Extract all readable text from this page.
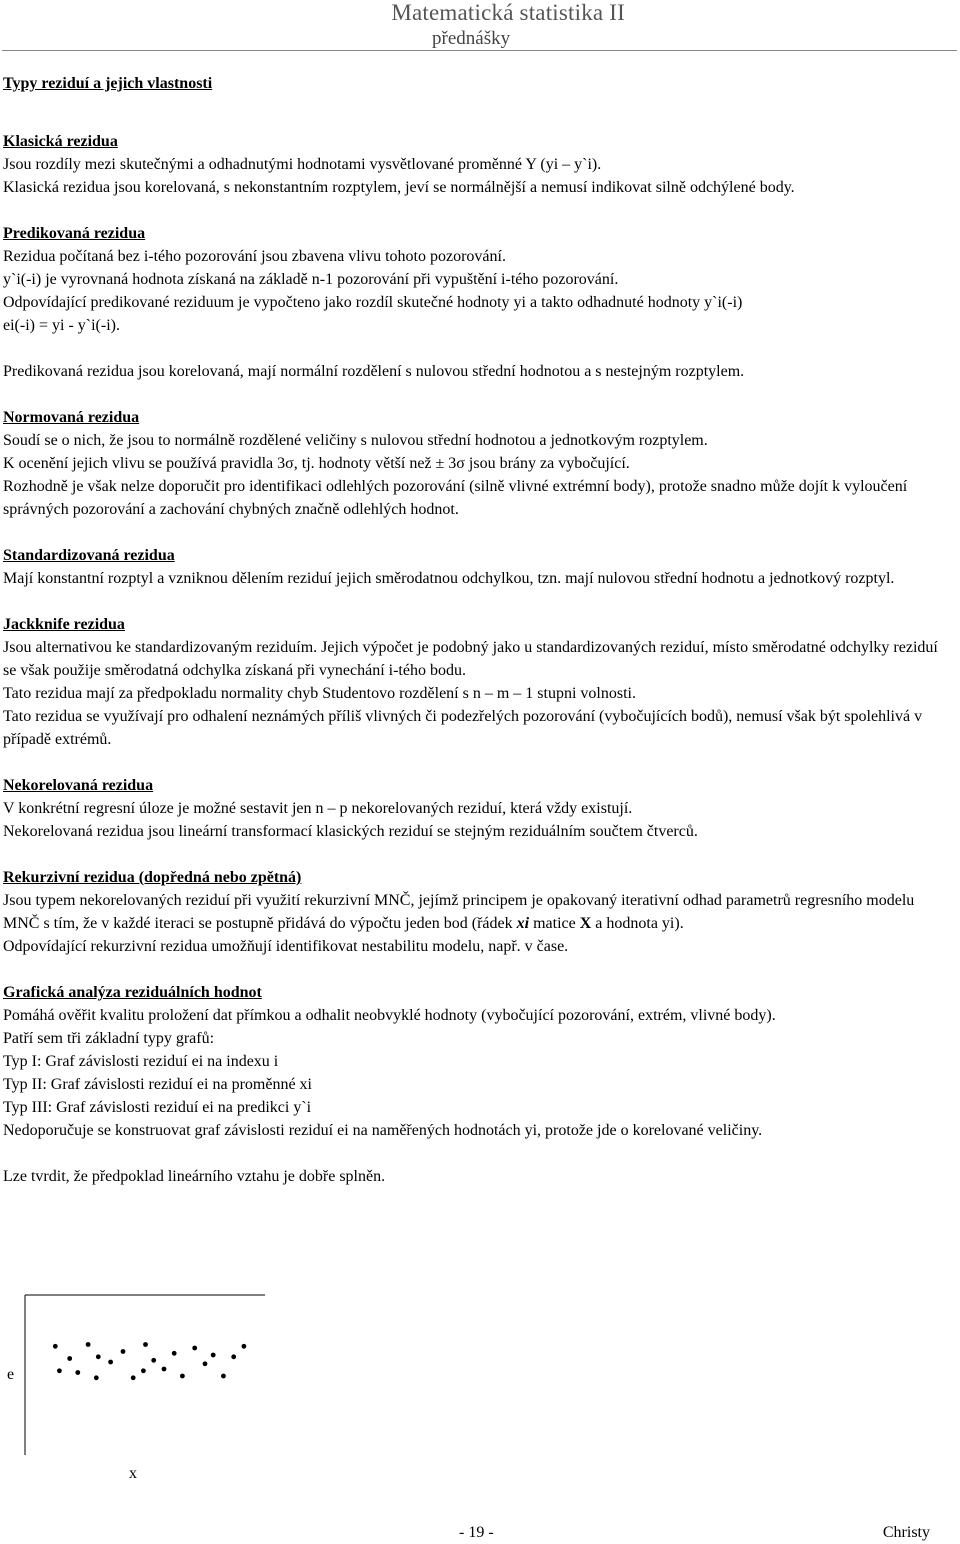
Matematická statistika II
přednášky
Typy reziduí a jejich vlastnosti
Klasická rezidua

Jsou rozdíly mezi skutečnými a odhadnutými hodnotami vysvětlované proměnné Y (yi – y`i).

Klasická rezidua jsou korelovaná, s nekonstantním rozptylem, jeví se normálnější a nemusí indikovat silně odchýlené body.

Predikovaná rezidua

Rezidua počítaná bez i-tého pozorování jsou zbavena vlivu tohoto pozorování.

y`i(-i) je vyrovnaná hodnota získaná na základě n-1 pozorování při vypuštění i-tého pozorování.

Odpovídající predikované reziduum je vypočteno jako rozdíl skutečné hodnoty yi a takto odhadnuté hodnoty y`i(-i)

ei(-i) = yi - y`i(-i).

Predikovaná rezidua jsou korelovaná, mají normální rozdělení s nulovou střední hodnotou a s nestejným rozptylem.

Normovaná rezidua

Soudí se o nich, že jsou to normálně rozdělené veličiny s nulovou střední hodnotou a jednotkovým rozptylem.

K ocenění jejich vlivu se používá pravidla 3σ, tj. hodnoty větší než ± 3σ jsou brány za vybočující.

Rozhodně je však nelze doporučit pro identifikaci odlehlých pozorování (silně vlivné extrémní body), protože snadno může dojít k vyloučení správných pozorování a zachování chybných značně odlehlých hodnot.

Standardizovaná rezidua

Mají konstantní rozptyl a vzniknou dělením reziduí jejich směrodatnou odchylkou, tzn. mají nulovou střední hodnotu a jednotkový rozptyl.

Jackknife rezidua

Jsou alternativou ke standardizovaným reziduím. Jejich výpočet je podobný jako u standardizovaných reziduí, místo směrodatné odchylky reziduí se však použije směrodatná odchylka získaná při vynechání i-tého bodu.

Tato rezidua mají za předpokladu normality chyb Studentovo rozdělení s n – m – 1 stupni volnosti.

Tato rezidua se využívají pro odhalení neznámých příliš vlivných či podezřelých pozorování (vybočujících bodů), nemusí však být spolehlivá v případě extrémů.

Nekorelovaná rezidua

V konkrétní regresní úloze je možné sestavit jen n – p nekorelovaných reziduí, která vždy existují.

Nekorelovaná rezidua jsou lineární transformací klasických reziduí se stejným reziduálním součtem čtverců.

Rekurzivní rezidua (dopředná nebo zpětná)

Jsou typem nekorelovaných reziduí při využití rekurzivní MNČ, jejímž principem je opakovaný iterativní odhad parametrů regresního modelu MNČ s tím, že v každé iteraci se postupně přidává do výpočtu jeden bod (řádek xi matice X a hodnota yi).

Odpovídající rekurzivní rezidua umožňují identifikovat nestabilitu modelu, např. v čase.

Grafická analýza reziduálních hodnot

Pomáhá ověřit kvalitu proložení dat přímkou a odhalit neobvyklé hodnoty (vybočující pozorování, extrém, vlivné body).

Patří sem tři základní typy grafů:

Typ I: Graf závislosti reziduí ei na indexu i

Typ II: Graf závislosti reziduí ei na proměnné xi

Typ III: Graf závislosti reziduí ei na predikci y`i

Nedoporučuje se konstruovat graf závislosti reziduí ei na naměřených hodnotách yi, protože jde o korelované veličiny.

Lze tvrdit, že předpoklad lineárního vztahu je dobře splněn.

e
x
- 19 -	Christy
